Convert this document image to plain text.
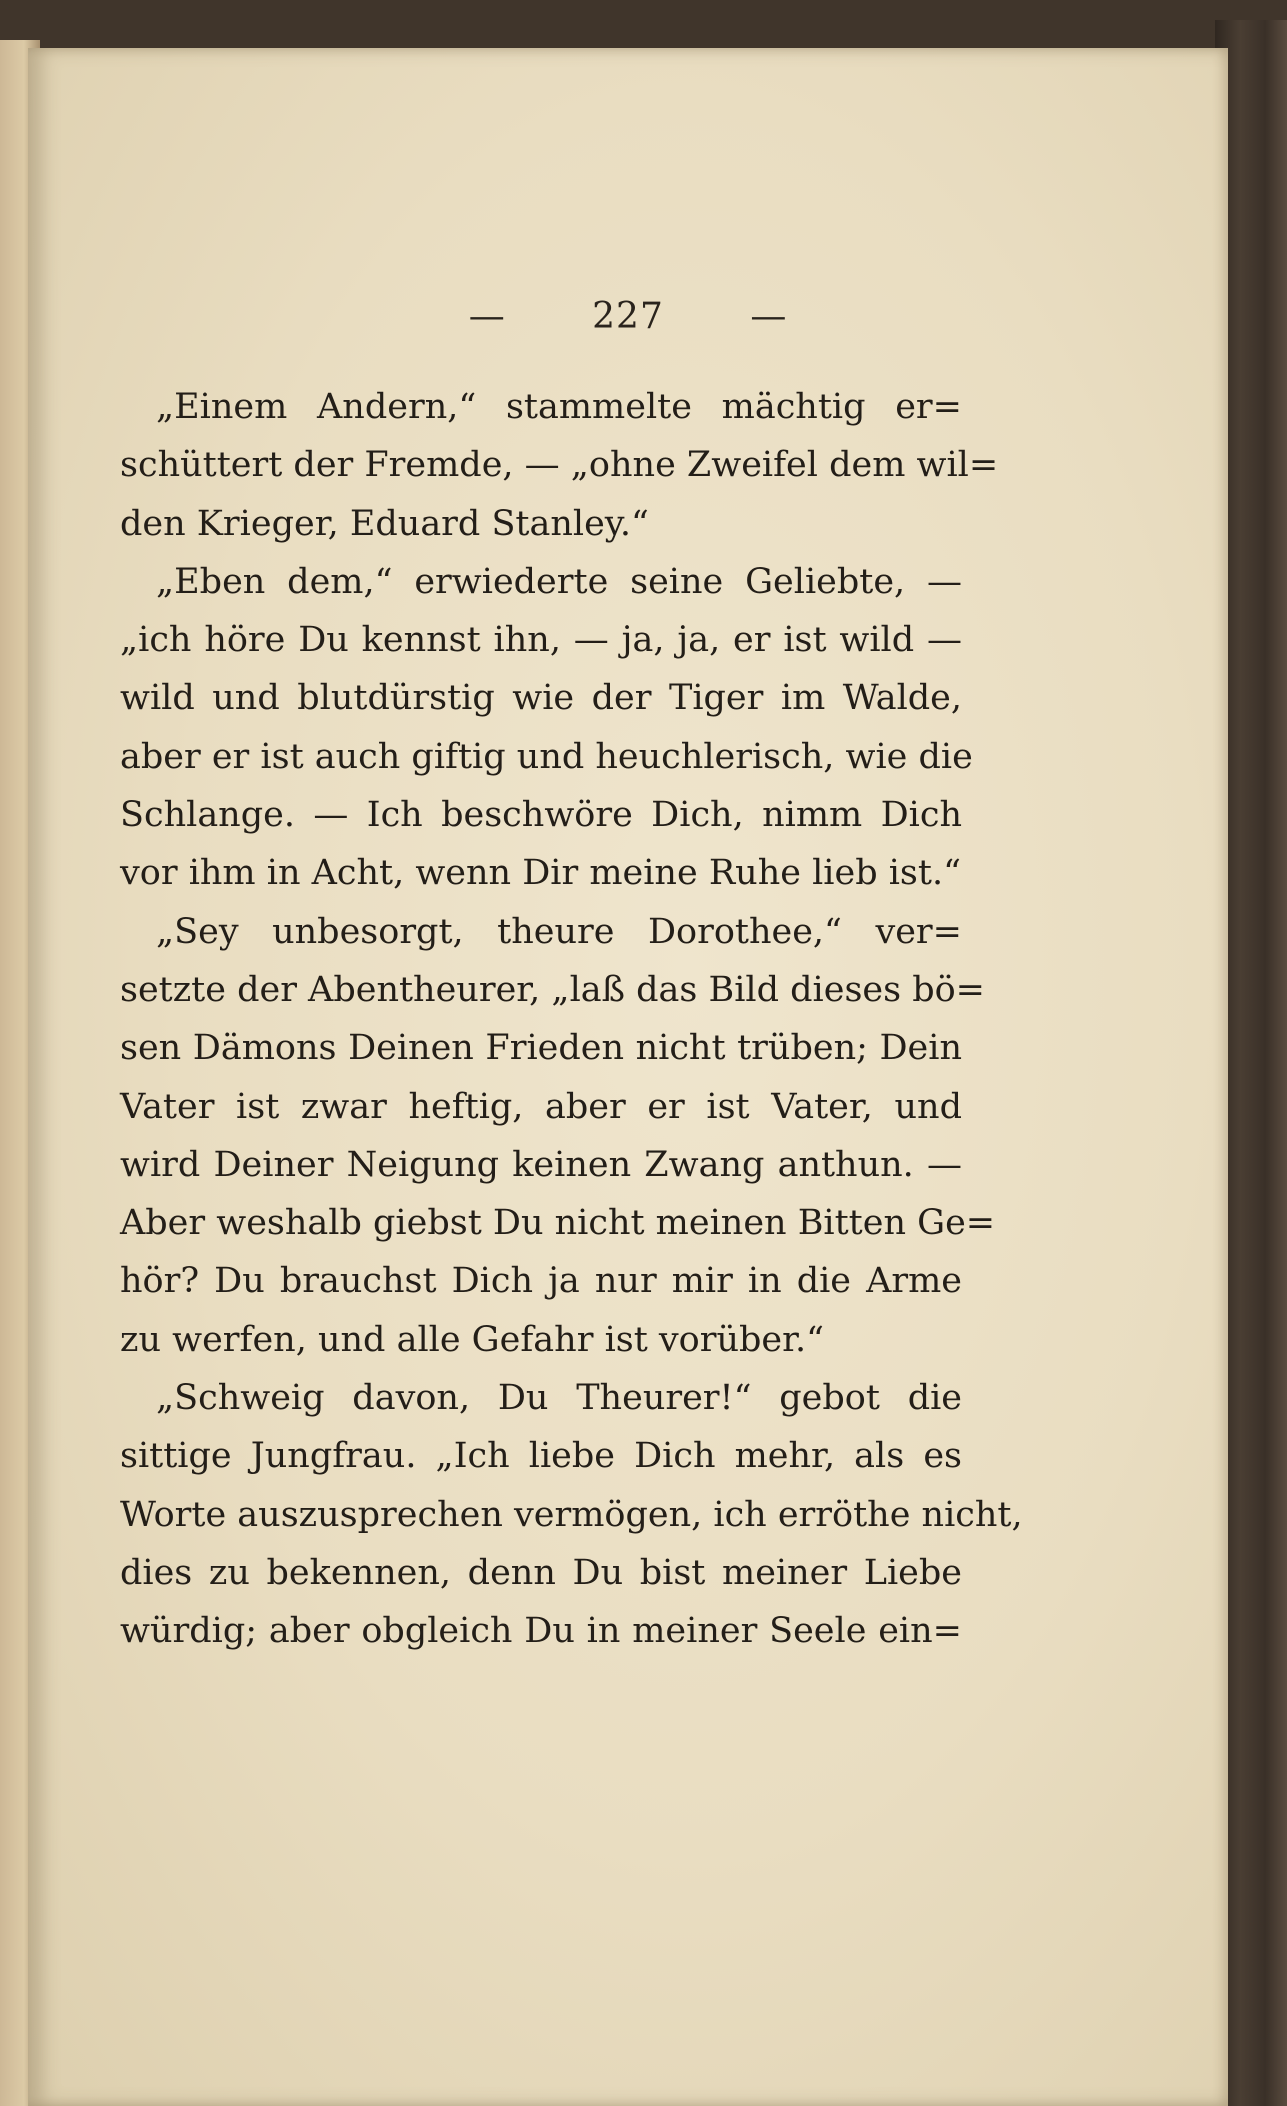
— 227 —
„Einem Andern,“ stammelte mächtig er=
schüttert der Fremde, — „ohne Zweifel dem wil=
den Krieger, Eduard Stanley.“
„Eben dem,“ erwiederte seine Geliebte, —
„ich höre Du kennst ihn, — ja, ja, er ist wild —
wild und blutdürstig wie der Tiger im Walde,
aber er ist auch giftig und heuchlerisch, wie die
Schlange. — Ich beschwöre Dich, nimm Dich
vor ihm in Acht, wenn Dir meine Ruhe lieb ist.“
„Sey unbesorgt, theure Dorothee,“ ver=
setzte der Abentheurer, „laß das Bild dieses bö=
sen Dämons Deinen Frieden nicht trüben; Dein
Vater ist zwar heftig, aber er ist Vater, und
wird Deiner Neigung keinen Zwang anthun. —
Aber weshalb giebst Du nicht meinen Bitten Ge=
hör? Du brauchst Dich ja nur mir in die Arme
zu werfen, und alle Gefahr ist vorüber.“
„Schweig davon, Du Theurer!“ gebot die
sittige Jungfrau. „Ich liebe Dich mehr, als es
Worte auszusprechen vermögen, ich erröthe nicht,
dies zu bekennen, denn Du bist meiner Liebe
würdig; aber obgleich Du in meiner Seele ein=
